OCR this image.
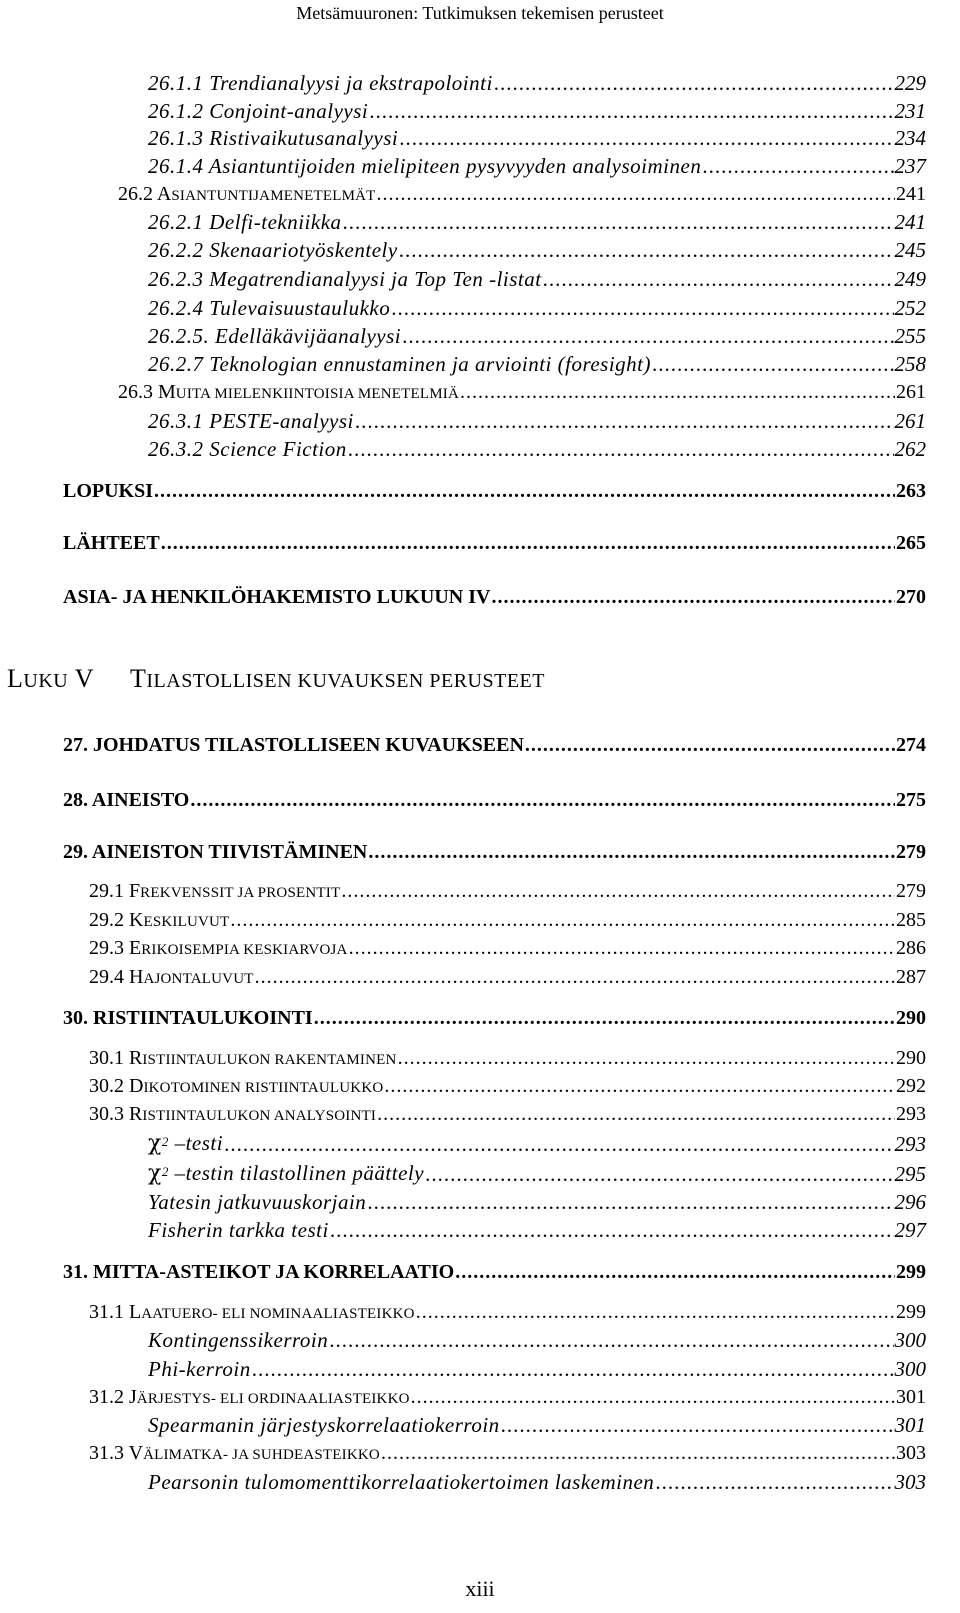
Metsämuuronen: Tutkimuksen tekemisen perusteet
26.1.1 Trendianalyysi ja ekstrapolointi .....	229
26.1.2 Conjoint-analyysi .....	231
26.1.3 Ristivaikutusanalyysi .....	234
26.1.4 Asiantuntijoiden mielipiteen pysyvyyden analysoiminen .....	237
26.2 ASIANTUNTIJAMENETELMÄT .....	241
26.2.1 Delfi-tekniikka .....	241
26.2.2 Skenaariotyöskentely .....	245
26.2.3 Megatrendianalyysi ja Top Ten -listat .....	249
26.2.4 Tulevaisuustaulukko .....	252
26.2.5. Edelläkävijäanalyysi .....	255
26.2.7 Teknologian ennustaminen ja arviointi (foresight) .....	258
26.3 MUITA MIELENKIINTOISIA MENETELMIÄ .....	261
26.3.1 PESTE-analyysi .....	261
26.3.2 Science Fiction .....	262
LOPUKSI .....	263
LÄHTEET .....	265
ASIA- JA HENKILÖHAKEMISTO LUKUUN IV .....	270
LUKU V TILASTOLLISEN KUVAUKSEN PERUSTEET
27. JOHDATUS TILASTOLLISEEN KUVAUKSEEN .....	274
28. AINEISTO .....	275
29. AINEISTON TIIVISTÄMINEN .....	279
29.1 FREKVENSSIT JA PROSENTIT .....	279
29.2 KESKILUVUT .....	285
29.3 ERIKOISEMPIA KESKIARVOJA .....	286
29.4 HAJONTALUVUT .....	287
30. RISTIINTAULUKOINTI .....	290
30.1 RISTIINTAULUKON RAKENTAMINEN .....	290
30.2 DIKOTOMINEN RISTIINTAULUKKO .....	292
30.3 RISTIINTAULUKON ANALYSOINTI .....	293
$\chi^2$ –testi .....	293
$\chi^2$ –testin tilastollinen päättely .....	295
Yatesin jatkuvuuskorjain .....	296
Fisherin tarkka testi .....	297
31. MITTA-ASTEIKOT JA KORRELAATIO .....	299
31.1 LAATUERO- ELI NOMINAALIASTEIKKO .....	299
Kontingenssikerroin .....	300
Phi-kerroin .....	300
31.2 JÄRJESTYS- ELI ORDINAALIASTEIKKO .....	301
Spearmanin järjestyskorrelaatiokerroin .....	301
31.3 VÄLIMATKA- JA SUHDEASTEIKKO .....	303
Pearsonin tulomomenttikorrelaatiokertoimen laskeminen .....	303
xiii
